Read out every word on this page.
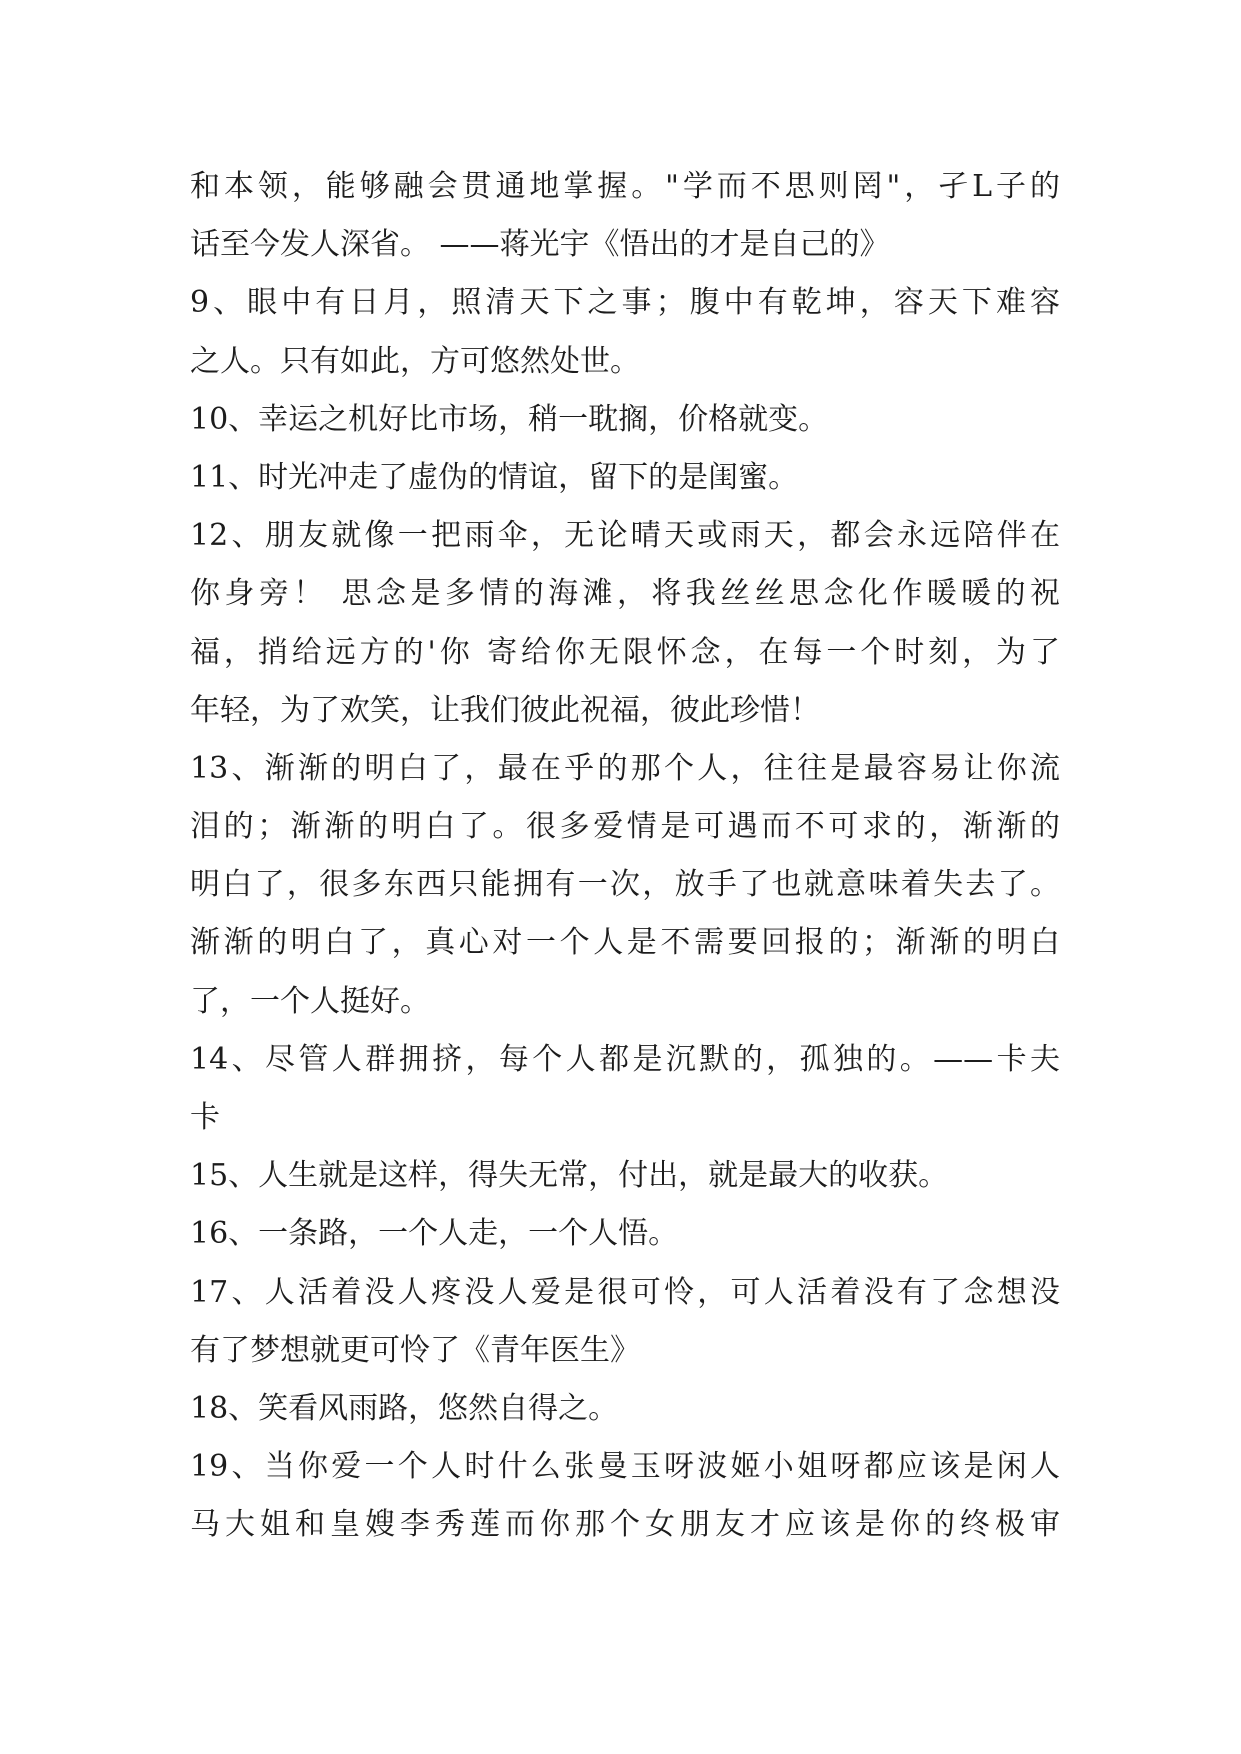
和本领，能够融会贯通地掌握。"学而不思则罔"，孑L子的
话至今发人深省。 ——蒋光宇《悟出的才是自己的》
9、眼中有日月，照清天下之事；腹中有乾坤，容天下难容
之人。只有如此，方可悠然处世。
10、幸运之机好比市场，稍一耽搁，价格就变。
11、时光冲走了虚伪的情谊，留下的是闺蜜。
12、朋友就像一把雨伞，无论晴天或雨天，都会永远陪伴在
你身旁！ 思念是多情的海滩，将我丝丝思念化作暖暖的祝
福，捎给远方的'你 寄给你无限怀念，在每一个时刻，为了
年轻，为了欢笑，让我们彼此祝福，彼此珍惜！
13、渐渐的明白了，最在乎的那个人，往往是最容易让你流
泪的；渐渐的明白了。很多爱情是可遇而不可求的，渐渐的
明白了，很多东西只能拥有一次，放手了也就意味着失去了。
渐渐的明白了，真心对一个人是不需要回报的；渐渐的明白
了，一个人挺好。
14、尽管人群拥挤，每个人都是沉默的，孤独的。——卡夫
卡
15、人生就是这样，得失无常，付出，就是最大的收获。
16、一条路，一个人走，一个人悟。
17、人活着没人疼没人爱是很可怜，可人活着没有了念想没
有了梦想就更可怜了《青年医生》
18、笑看风雨路，悠然自得之。
19、当你爱一个人时什么张曼玉呀波姬小姐呀都应该是闲人
马大姐和皇嫂李秀莲而你那个女朋友才应该是你的终极审
